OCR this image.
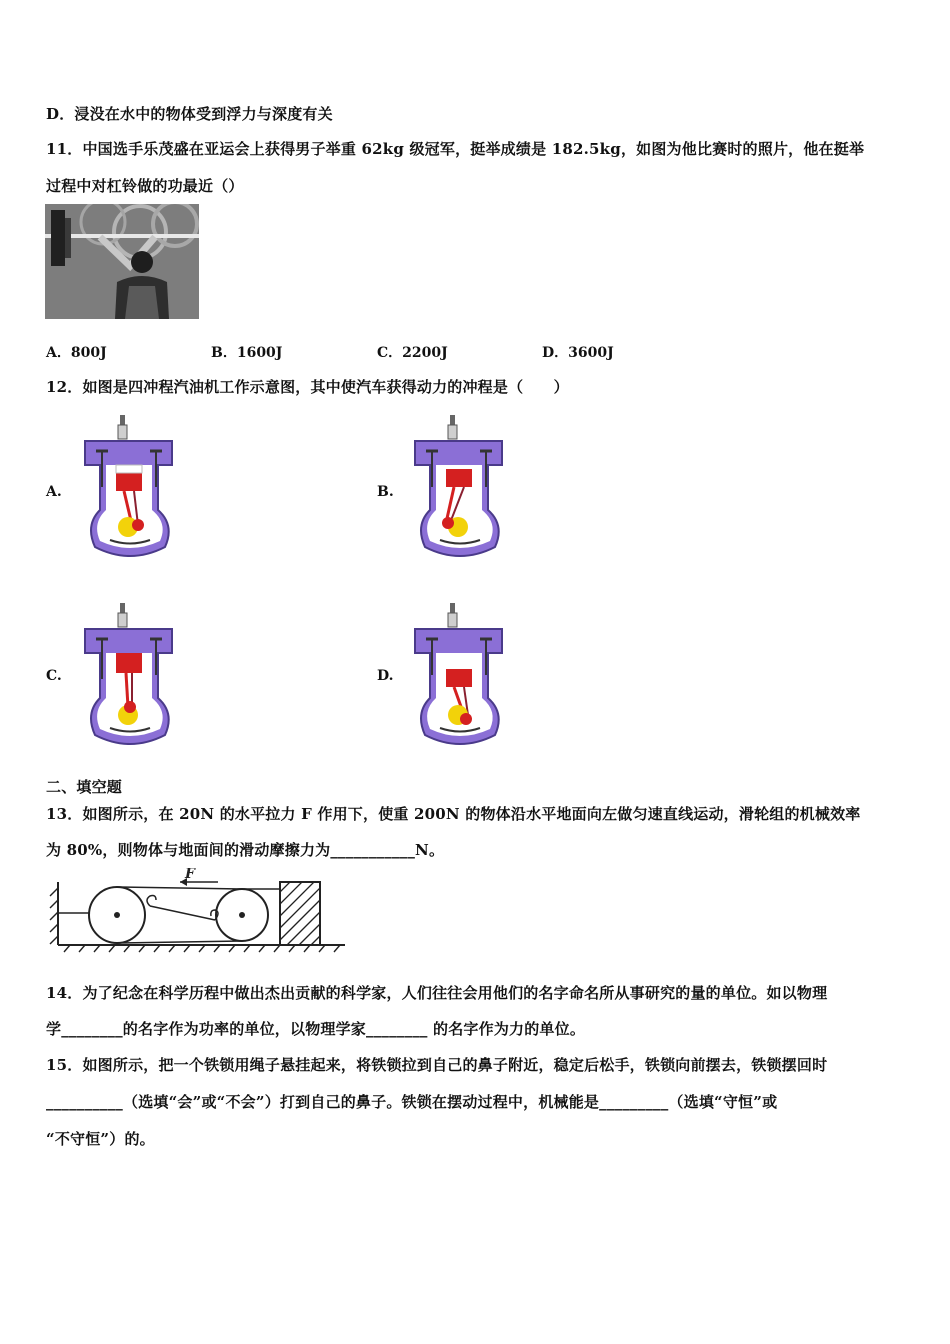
D．浸没在水中的物体受到浮力与深度有关
11．中国选手乐茂盛在亚运会上获得男子举重 62kg 级冠军，挺举成绩是 182.5kg，如图为他比赛时的照片，他在挺举
过程中对杠铃做的功最近（）
A．800J	B．1600J	C．2200J	D．3600J
12．如图是四冲程汽油机工作示意图，其中使汽车获得动力的冲程是（　　）
A.	B.
C.	D.
二、填空题
13．如图所示，在 20N 的水平拉力 F 作用下，使重 200N 的物体沿水平地面向左做匀速直线运动，滑轮组的机械效率
为 80%，则物体与地面间的滑动摩擦力为___________N。
F
14．为了纪念在科学历程中做出杰出贡献的科学家，人们往往会用他们的名字命名所从事研究的量的单位。如以物理
学________的名字作为功率的单位，以物理学家________ 的名字作为力的单位。
15．如图所示，把一个铁锁用绳子悬挂起来，将铁锁拉到自己的鼻子附近，稳定后松手，铁锁向前摆去，铁锁摆回时
__________（选填“会”或“不会”）打到自己的鼻子。铁锁在摆动过程中，机械能是_________（选填“守恒”或
“不守恒”）的。
